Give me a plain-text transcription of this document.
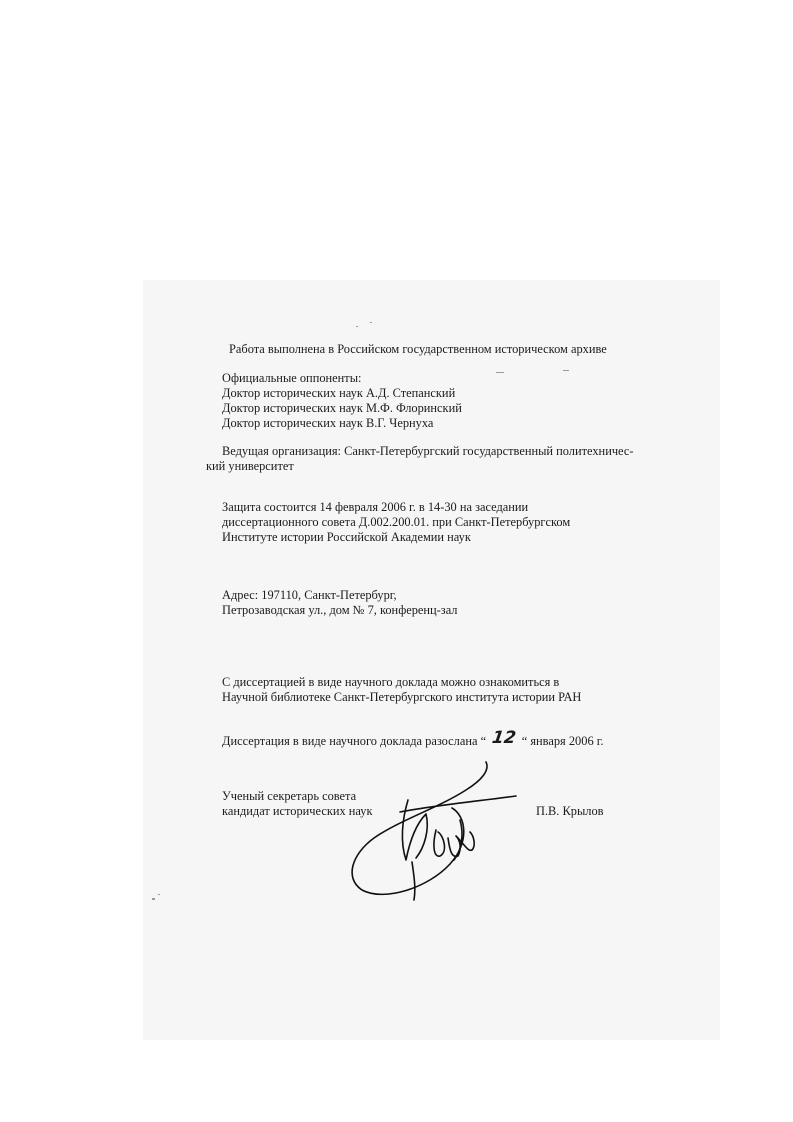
Работа выполнена в Российском государственном историческом архиве
Официальные оппоненты:
Доктор исторических наук А.Д. Степанский
Доктор исторических наук М.Ф. Флоринский
Доктор исторических наук В.Г. Чернуха
Ведущая организация: Санкт-Петербургский государственный политехничес-
кий университет
Защита состоится 14 февраля 2006 г. в 14-30 на заседании
диссертационного совета Д.002.200.01. при Санкт-Петербургском
Институте истории Российской Академии наук
Адрес: 197110, Санкт-Петербург,
Петрозаводская ул., дом № 7, конференц-зал
С диссертацией в виде научного доклада можно ознакомиться в
Научной библиотеке Санкт-Петербургского института истории РАН
Диссертация в виде научного доклада разослана “ 12 “ января 2006 г.
Ученый секретарь совета
кандидат исторических наук	П.В. Крылов
